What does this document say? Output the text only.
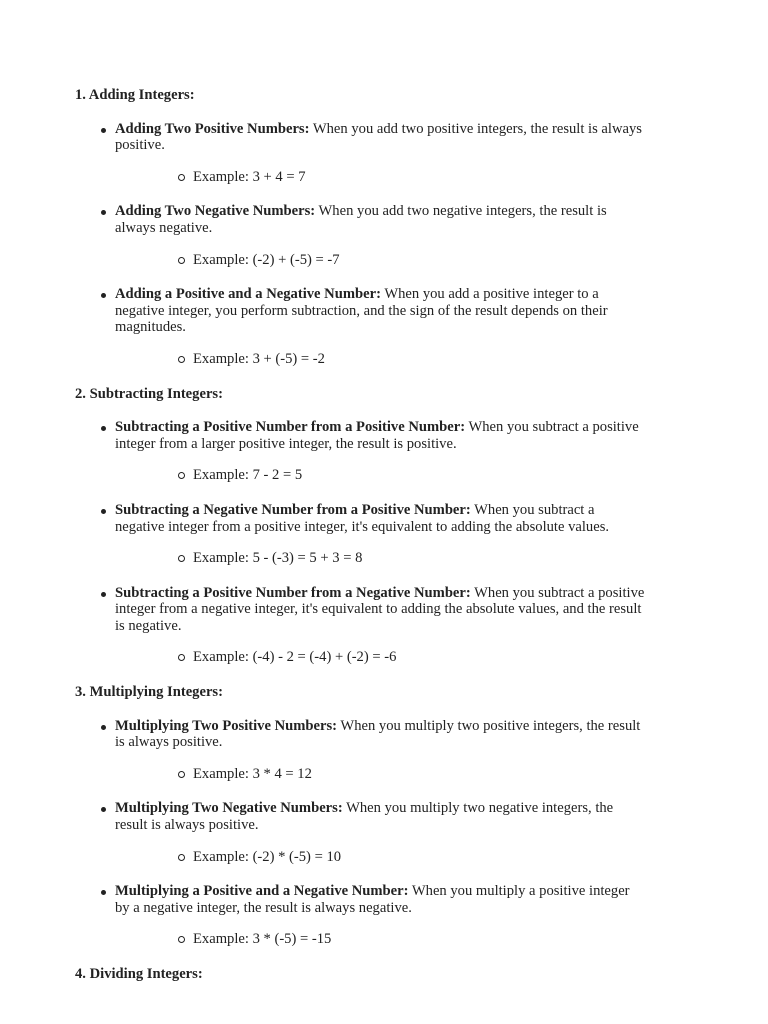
1. Adding Integers:
Adding Two Positive Numbers: When you add two positive integers, the result is always positive.
Example: 3 + 4 = 7
Adding Two Negative Numbers: When you add two negative integers, the result is always negative.
Example: (-2) + (-5) = -7
Adding a Positive and a Negative Number: When you add a positive integer to a negative integer, you perform subtraction, and the sign of the result depends on their magnitudes.
Example: 3 + (-5) = -2
2. Subtracting Integers:
Subtracting a Positive Number from a Positive Number: When you subtract a positive integer from a larger positive integer, the result is positive.
Example: 7 - 2 = 5
Subtracting a Negative Number from a Positive Number: When you subtract a negative integer from a positive integer, it's equivalent to adding the absolute values.
Example: 5 - (-3) = 5 + 3 = 8
Subtracting a Positive Number from a Negative Number: When you subtract a positive integer from a negative integer, it's equivalent to adding the absolute values, and the result is negative.
Example: (-4) - 2 = (-4) + (-2) = -6
3. Multiplying Integers:
Multiplying Two Positive Numbers: When you multiply two positive integers, the result is always positive.
Example: 3 * 4 = 12
Multiplying Two Negative Numbers: When you multiply two negative integers, the result is always positive.
Example: (-2) * (-5) = 10
Multiplying a Positive and a Negative Number: When you multiply a positive integer by a negative integer, the result is always negative.
Example: 3 * (-5) = -15
4. Dividing Integers:
